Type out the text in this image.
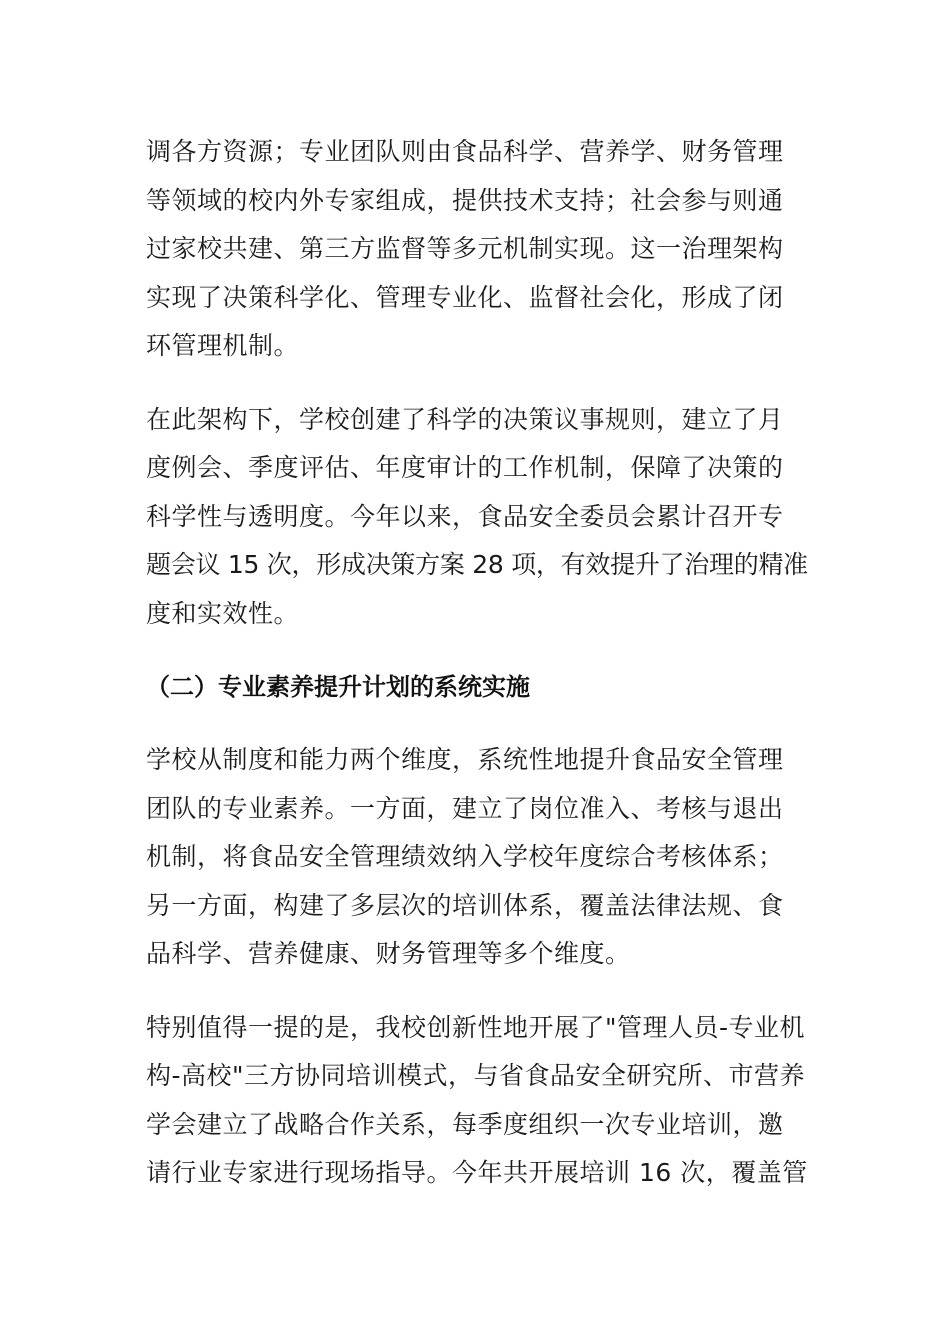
调各方资源；专业团队则由食品科学、营养学、财务管理
等领域的校内外专家组成，提供技术支持；社会参与则通
过家校共建、第三方监督等多元机制实现。这一治理架构
实现了决策科学化、管理专业化、监督社会化，形成了闭
环管理机制。
在此架构下，学校创建了科学的决策议事规则，建立了月
度例会、季度评估、年度审计的工作机制，保障了决策的
科学性与透明度。今年以来，食品安全委员会累计召开专
题会议 15 次，形成决策方案 28 项，有效提升了治理的精准
度和实效性。
（二）专业素养提升计划的系统实施
学校从制度和能力两个维度，系统性地提升食品安全管理
团队的专业素养。一方面，建立了岗位准入、考核与退出
机制，将食品安全管理绩效纳入学校年度综合考核体系；
另一方面，构建了多层次的培训体系，覆盖法律法规、食
品科学、营养健康、财务管理等多个维度。
特别值得一提的是，我校创新性地开展了"管理人员-专业机
构-高校"三方协同培训模式，与省食品安全研究所、市营养
学会建立了战略合作关系，每季度组织一次专业培训，邀
请行业专家进行现场指导。今年共开展培训 16 次，覆盖管
